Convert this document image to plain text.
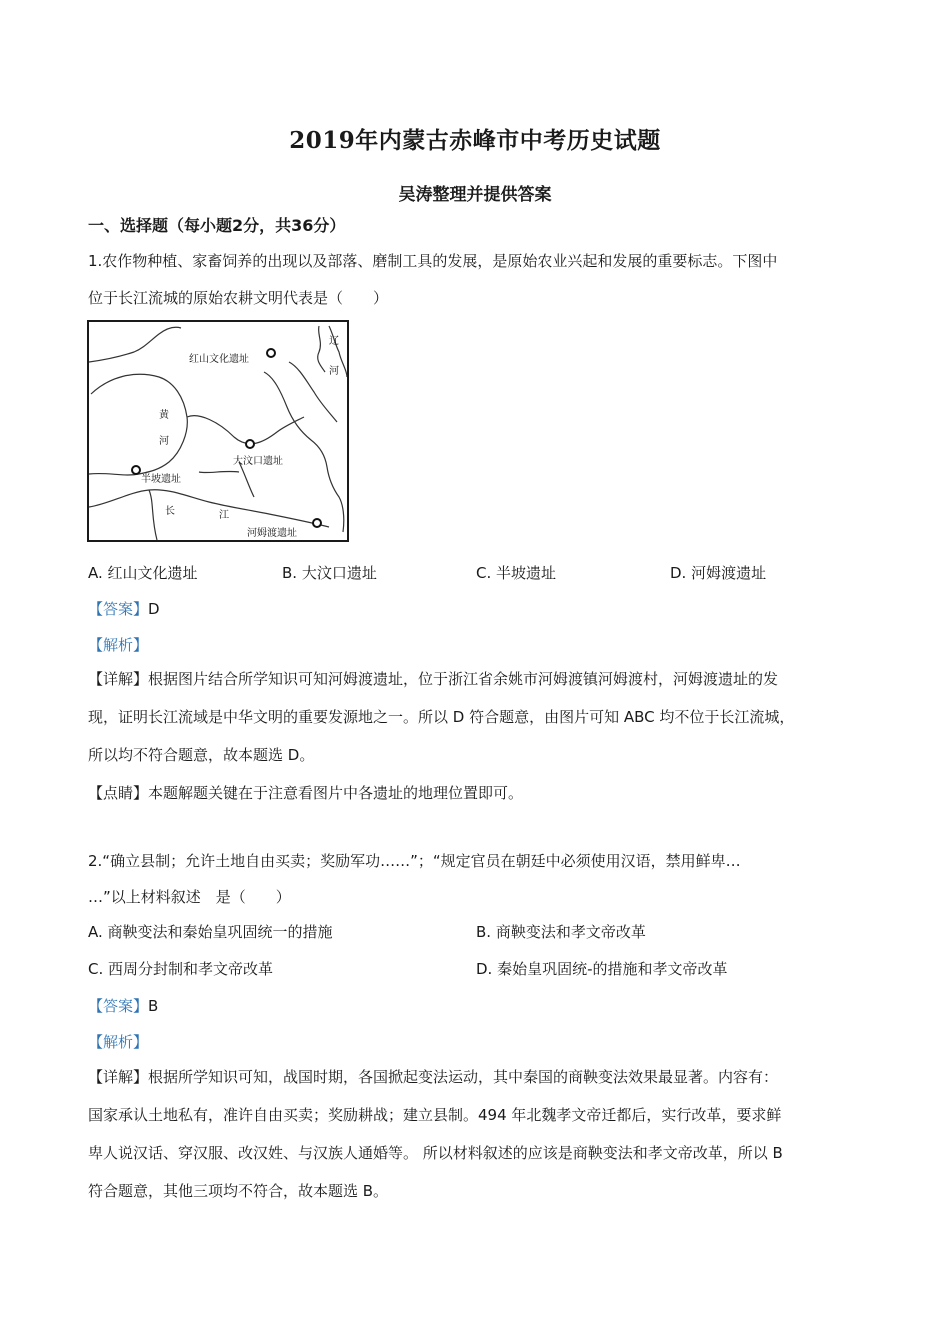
2019年内蒙古赤峰市中考历史试题
吴涛整理并提供答案
一、选择题（每小题2分，共36分）
1.农作物种植、家畜饲养的出现以及部落、磨制工具的发展，是原始农业兴起和发展的重要标志。下图中
位于长江流城的原始农耕文明代表是（　　）
红山文化遗址
大汶口遗址
半坡遗址
河姆渡遗址
辽
河
黄
河
长	江
A. 红山文化遗址	B. 大汶口遗址	C. 半坡遗址	D. 河姆渡遗址
【答案】D
【解析】
【详解】根据图片结合所学知识可知河姆渡遗址，位于浙江省余姚市河姆渡镇河姆渡村，河姆渡遗址的发
现，证明长江流域是中华文明的重要发源地之一。所以 D 符合题意，由图片可知 ABC 均不位于长江流城，
所以均不符合题意，故本题选 D。
【点睛】本题解题关键在于注意看图片中各遗址的地理位置即可。
2.“确立县制；允许土地自由买卖；奖励军功……”；“规定官员在朝廷中必须使用汉语，禁用鲜卑…
…”以上材料叙述　是（　　）
A. 商鞅变法和秦始皇巩固统一的措施	B. 商鞅变法和孝文帝改革
C. 西周分封制和孝文帝改革	D. 秦始皇巩固统-的措施和孝文帝改革
【答案】B
【解析】
【详解】根据所学知识可知，战国时期，各国掀起变法运动，其中秦国的商鞅变法效果最显著。内容有：
国家承认土地私有，准许自由买卖；奖励耕战；建立县制。494 年北魏孝文帝迁都后，实行改革，要求鲜
卑人说汉话、穿汉服、改汉姓、与汉族人通婚等。 所以材料叙述的应该是商鞅变法和孝文帝改革，所以 B
符合题意，其他三项均不符合，故本题选 B。
